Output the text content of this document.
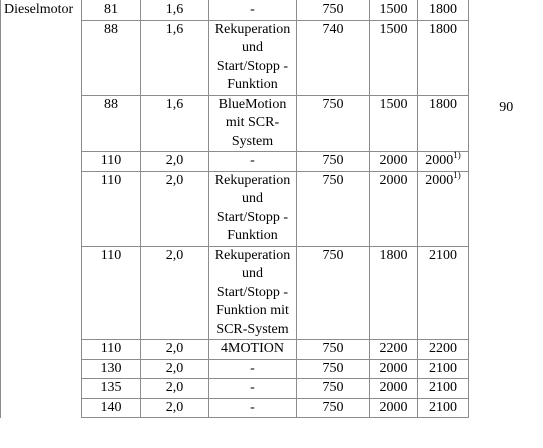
Dieselmotor	81	1,6	-	750	1500	1800	90
	88	1,6	Rekuperation
und
Start/Stopp -
Funktion	740	1500	1800	
	88	1,6	BlueMotion
mit SCR-
System	750	1500	1800	
	110	2,0	-	750	2000	2000$^{1)}$
	110	2,0	Rekuperation
und
Start/Stopp -
Funktion	750	2000	2000$^{1)}$
	110	2,0	Rekuperation
und
Start/Stopp -
Funktion mit
SCR-System	750	1800	2100	
	110	2,0	4MOTION	750	2200	2200	
	130	2,0	-	750	2000	2100	
	135	2,0	-	750	2000	2100	
	140	2,0	-	750	2000	2100	
